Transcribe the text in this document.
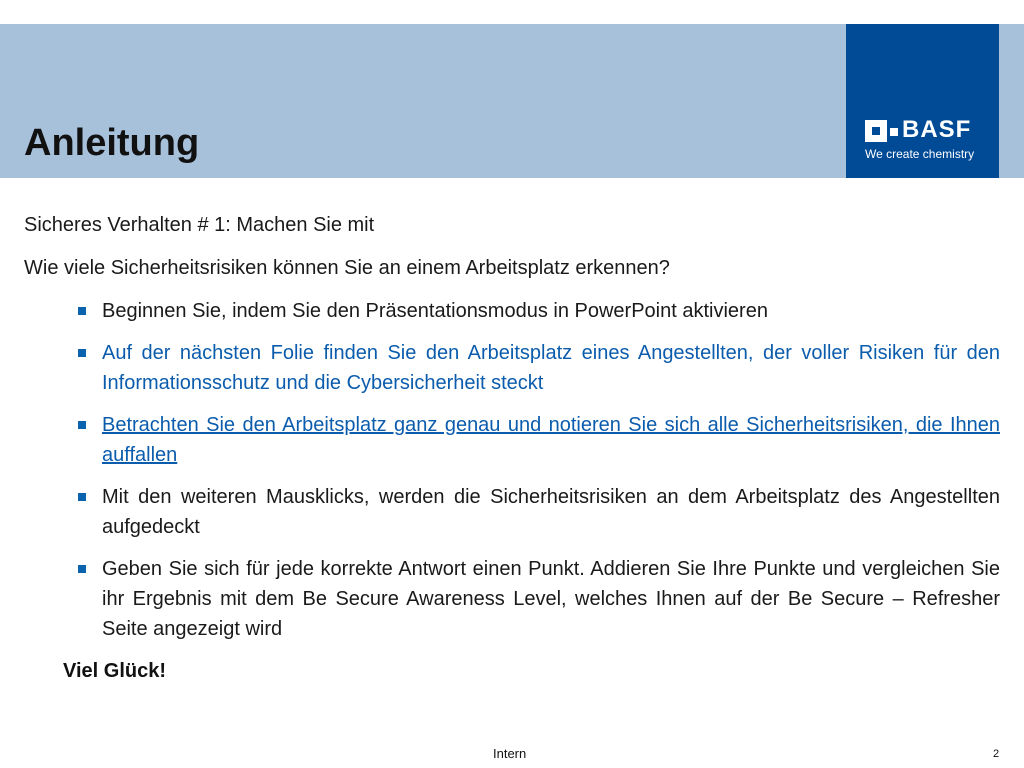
Anleitung	BASF
We create chemistry

Sicheres Verhalten # 1: Machen Sie mit

Wie viele Sicherheitsrisiken können Sie an einem Arbeitsplatz erkennen?

Beginnen Sie, indem Sie den Präsentationsmodus in PowerPoint aktivieren
Auf der nächsten Folie finden Sie den Arbeitsplatz eines Angestellten, der voller Risiken für den Informationsschutz und die Cybersicherheit steckt
Betrachten Sie den Arbeitsplatz ganz genau und notieren Sie sich alle Sicherheitsrisiken, die Ihnen auffallen
Mit den weiteren Mausklicks, werden die Sicherheitsrisiken an dem Arbeitsplatz des Angestellten aufgedeckt
Geben Sie sich für jede korrekte Antwort einen Punkt. Addieren Sie Ihre Punkte und vergleichen Sie ihr Ergebnis mit dem Be Secure Awareness Level, welches Ihnen auf der Be Secure – Refresher Seite angezeigt wird

Viel Glück!

Intern	2
